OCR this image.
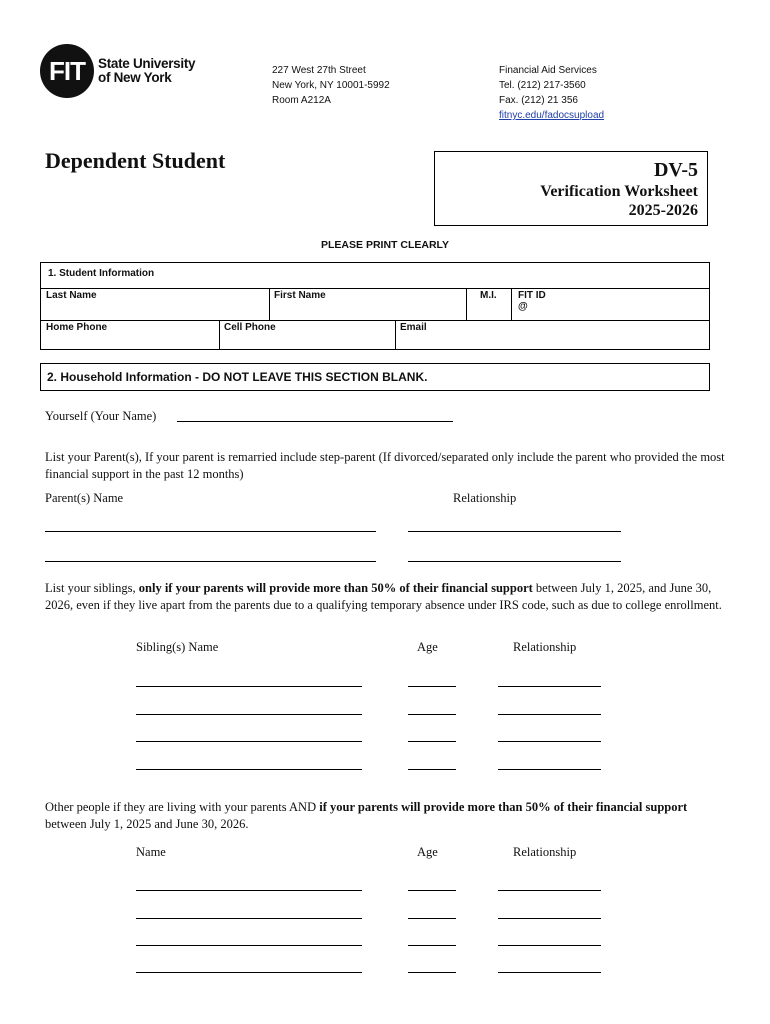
FIT State University
of New York	227 West 27th Street
New York, NY 10001-5992
Room A212A
Financial Aid Services
Tel. (212) 217-3560
Fax. (212) 21 356
fitnyc.edu/fadocsupload
Dependent Student	DV-5
Verification Worksheet
2025-2026
PLEASE PRINT CLEARLY
1. Student Information
Last Name	First Name	M.I.	FIT ID
@
Home Phone	Cell Phone	Email
2. Household Information - DO NOT LEAVE THIS SECTION BLANK.
Yourself (Your Name)
List your Parent(s), If your parent is remarried include step-parent (If divorced/separated only include the parent who provided the most financial support in the past 12 months)
Parent(s) Name	Relationship
List your siblings, only if your parents will provide more than 50% of their financial support between July 1, 2025, and June 30, 2026, even if they live apart from the parents due to a qualifying temporary absence under IRS code, such as due to college enrollment.
Sibling(s) Name	Age	Relationship
Other people if they are living with your parents AND if your parents will provide more than 50% of their financial support between July 1, 2025 and June 30, 2026.
Name	Age	Relationship
